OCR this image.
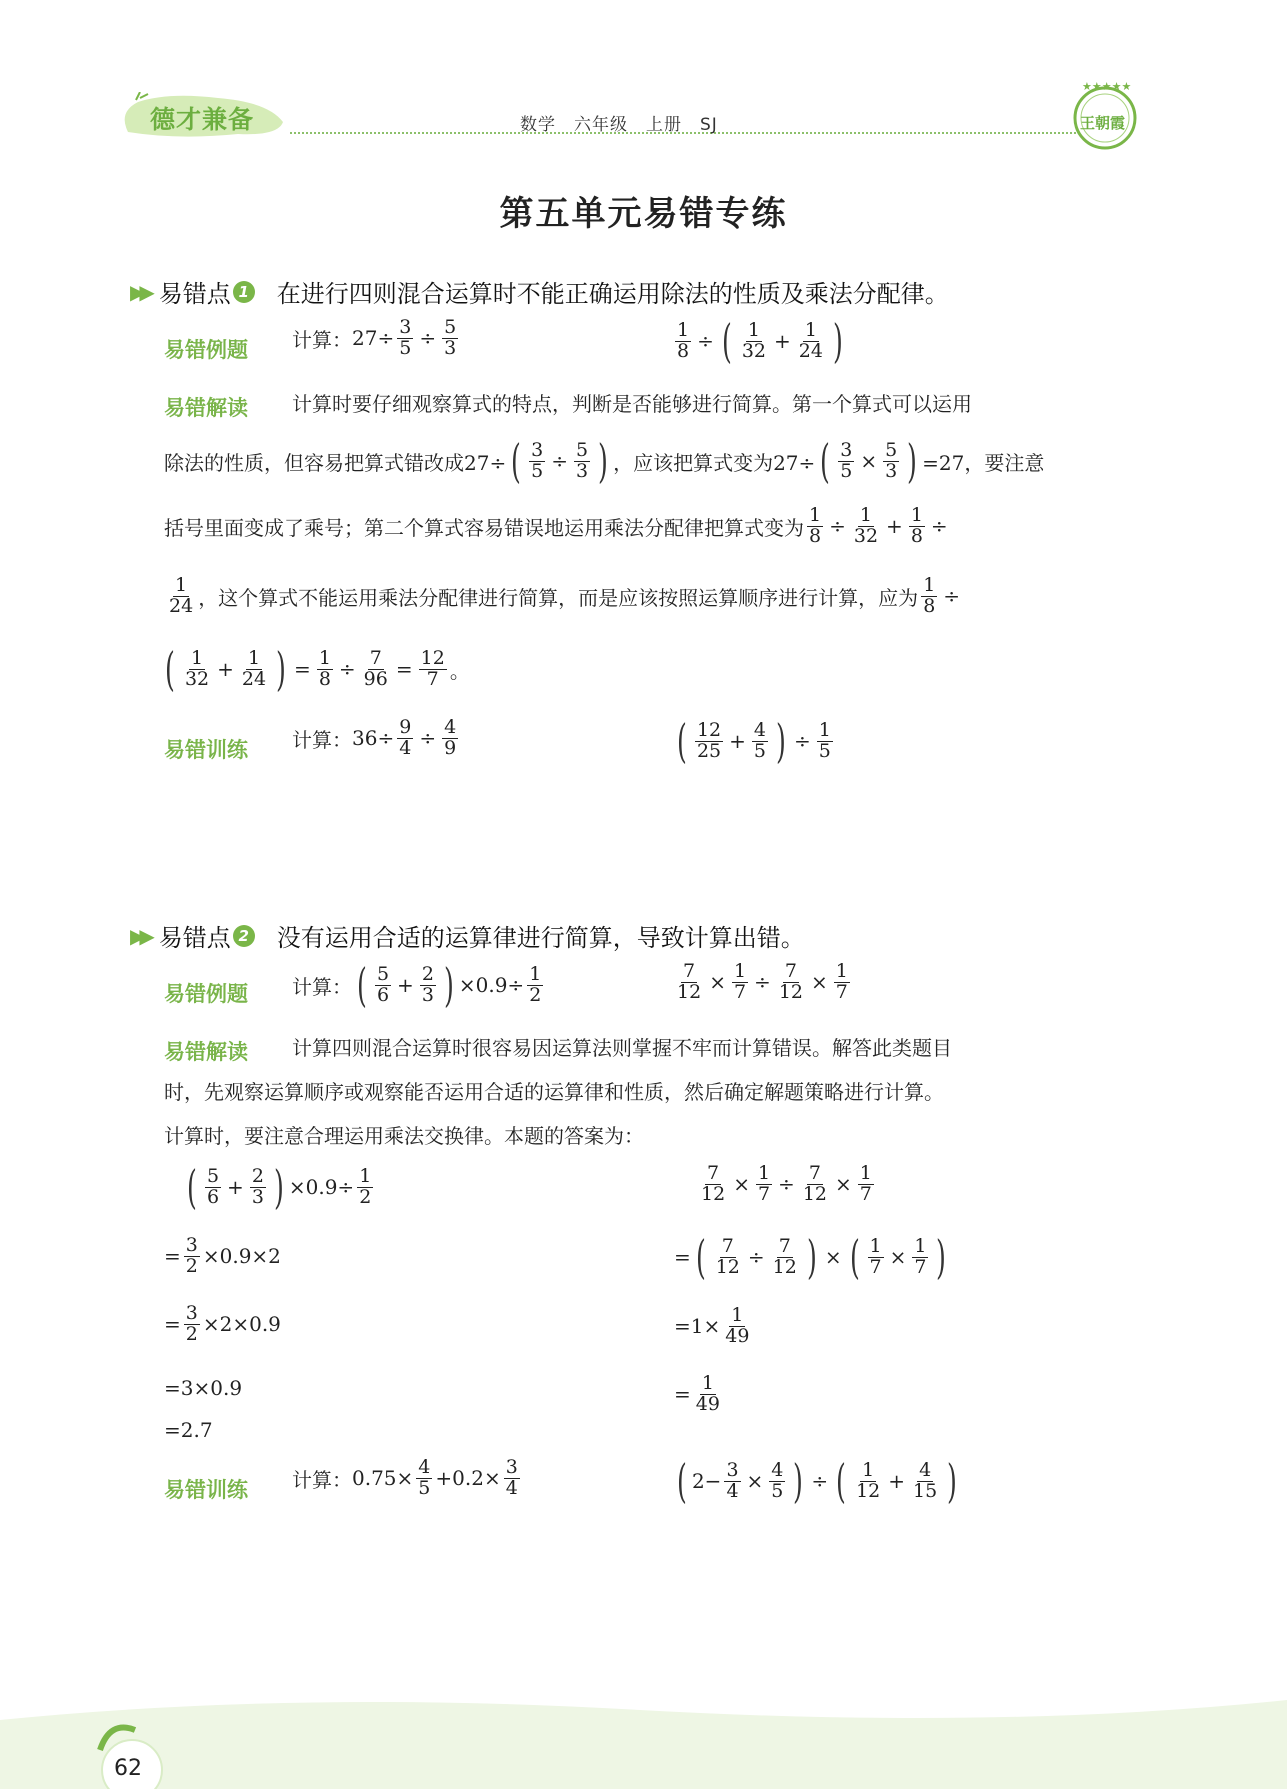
德才兼备	数学　六年级　上册　SJ
★★★★★
王朝霞
第五单元易错专练
▶▶ 易错点 1 在进行四则混合运算时不能正确运用除法的性质及乘法分配律。
易错例题 计算： $27\div \frac{3}{5} \div \frac{5}{3}$	$\frac{1}{8}$ ÷ ( $\frac{1}{32} + \frac{1}{24}$ )
易错解读 计算时要仔细观察算式的特点，判断是否能够进行简算。第一个算式可以运用
除法的性质，但容易把算式错改成27÷ ( $\frac{3}{5} \div \frac{5}{3}$ ) ，应该把算式变为27÷ ( $\frac{3}{5} \times \frac{5}{3}$ ) =27，要注意
括号里面变成了乘号；第二个算式容易错误地运用乘法分配律把算式变为 $\frac{1}{8} \div \frac{1}{32} + \frac{1}{8}$ ÷
$\frac{1}{24}$ ，这个算式不能运用乘法分配律进行简算，而是应该按照运算顺序进行计算，应为 $\frac{1}{8}$ ÷
( $\frac{1}{32} + \frac{1}{24}$ ) = $\frac{1}{8} \div \frac{7}{96} = \frac{12}{7}$ 。
易错训练 计算： $36\div \frac{9}{4} \div \frac{4}{9}$	( $\frac{12}{25} + \frac{4}{5}$ ) ÷ $\frac{1}{5}$
▶▶ 易错点 2 没有运用合适的运算律进行简算，导致计算出错。
易错例题 计算： ( $\frac{5}{6} + \frac{2}{3}$ ) $\times 0.9\div \frac{1}{2}$	$\frac{7}{12} \times \frac{1}{7} \div \frac{7}{12} \times \frac{1}{7}$
易错解读 计算四则混合运算时很容易因运算法则掌握不牢而计算错误。解答此类题目
时，先观察运算顺序或观察能否运用合适的运算律和性质，然后确定解题策略进行计算。
计算时，要注意合理运用乘法交换律。本题的答案为：
( $\frac{5}{6} + \frac{2}{3}$ ) $\times 0.9\div \frac{1}{2}$
= $\frac{3}{2} \times 0.9\times 2$
= $\frac{3}{2} \times 2\times 0.9$
=3×0.9
=2.7
$\frac{7}{12} \times \frac{1}{7} \div \frac{7}{12} \times \frac{1}{7}$
= ( $\frac{7}{12} \div \frac{7}{12}$ ) × ( $\frac{1}{7} \times \frac{1}{7}$ )
$=1\times \frac{1}{49}$
= $\frac{1}{49}$
易错训练 计算： $0.75\times \frac{4}{5} +0.2\times \frac{3}{4}$	( $2- \frac{3}{4} \times \frac{4}{5}$ ) ÷ ( $\frac{1}{12} + \frac{4}{15}$ )
62
